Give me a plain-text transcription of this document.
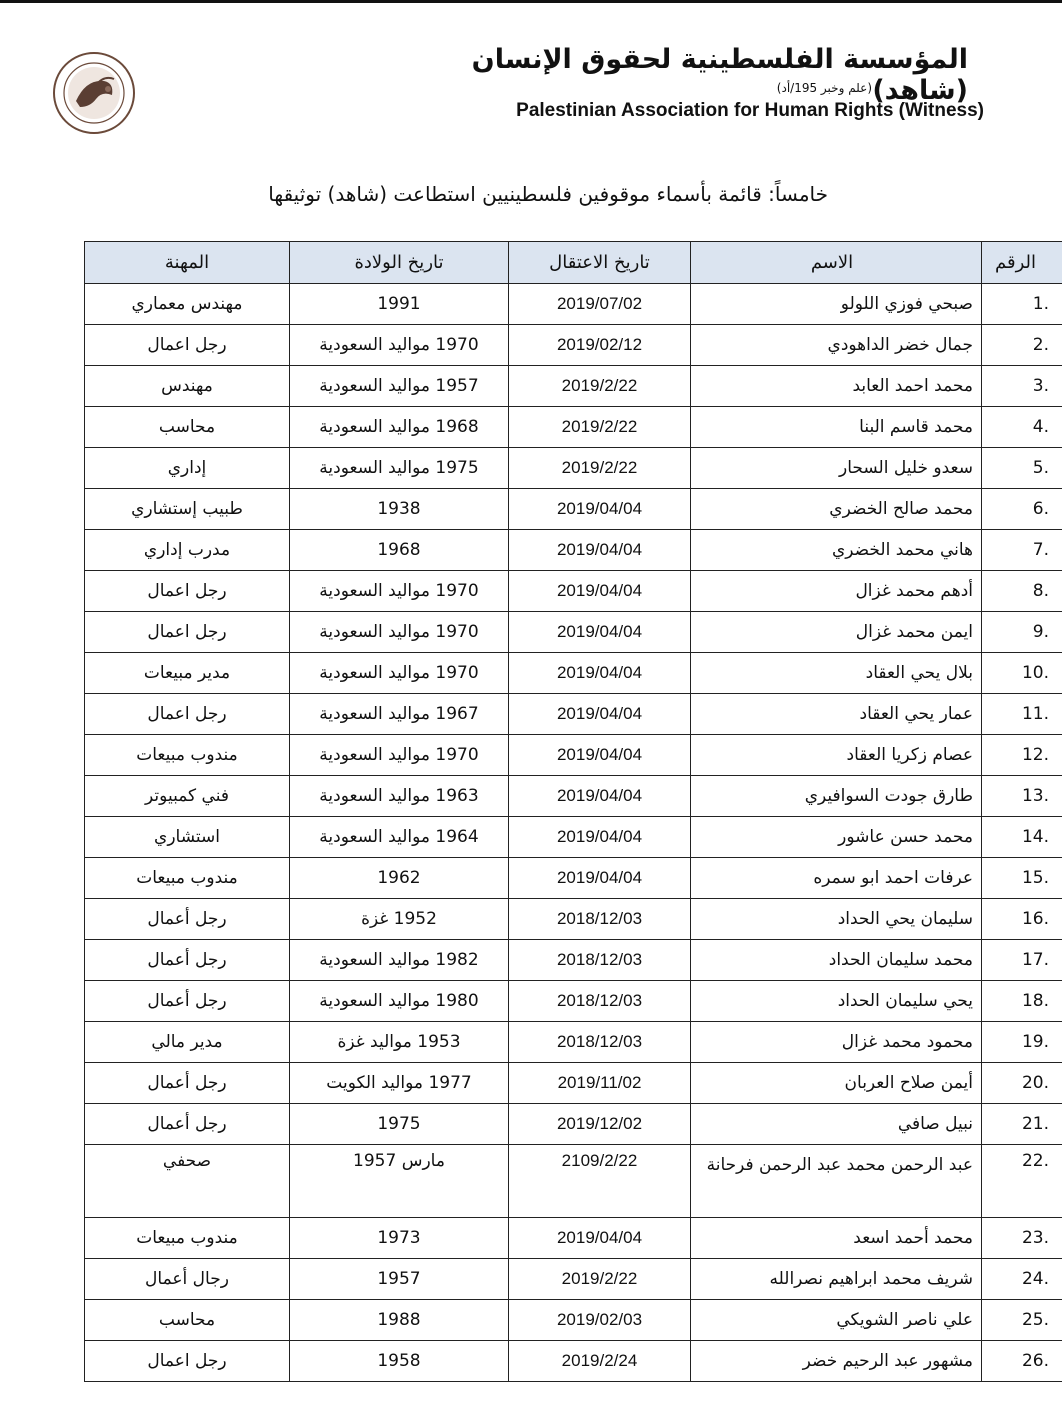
المؤسسة الفلسطينية لحقوق الإنسان (شاهد)
(علم وخبر 195/أد)
Palestinian Association for Human Rights (Witness)
خامساً: قائمة بأسماء موقوفين فلسطينيين استطاعت (شاهد) توثيقها
الرقم	الاسم	تاريخ الاعتقال	تاريخ الولادة	المهنة
.1	صبحي فوزي اللولو	2019/07/02	1991	مهندس معماري
.2	جمال خضر الداهودي	2019/02/12	1970 مواليد السعودية	رجل اعمال
.3	محمد احمد العابد	2019/2/22	1957 مواليد السعودية	مهندس
.4	محمد قاسم البنا	2019/2/22	1968 مواليد السعودية	محاسب
.5	سعدو خليل السحار	2019/2/22	1975 مواليد السعودية	إداري
.6	محمد صالح الخضري	2019/04/04	1938	طبيب إستشاري
.7	هاني محمد الخضري	2019/04/04	1968	مدرب إداري
.8	أدهم محمد غزال	2019/04/04	1970 مواليد السعودية	رجل اعمال
.9	ايمن محمد غزال	2019/04/04	1970 مواليد السعودية	رجل اعمال
.10	بلال يحي العقاد	2019/04/04	1970 مواليد السعودية	مدير مبيعات
.11	عمار يحي العقاد	2019/04/04	1967 مواليد السعودية	رجل اعمال
.12	عصام زكريا العقاد	2019/04/04	1970 مواليد السعودية	مندوب مبيعات
.13	طارق جودت السوافيري	2019/04/04	1963 مواليد السعودية	فني كمبيوتر
.14	محمد حسن عاشور	2019/04/04	1964 مواليد السعودية	استشاري
.15	عرفات احمد ابو سمره	2019/04/04	1962	مندوب مبيعات
.16	سليمان يحي الحداد	2018/12/03	1952 غزة	رجل أعمال
.17	محمد سليمان الحداد	2018/12/03	1982 مواليد السعودية	رجل أعمال
.18	يحي سليمان الحداد	2018/12/03	1980 مواليد السعودية	رجل أعمال
.19	محمود محمد غزال	2018/12/03	1953 مواليد غزة	مدير مالي
.20	أيمن صلاح العربان	2019/11/02	1977 مواليد الكويت	رجل أعمال
.21	نبيل صافي	2019/12/02	1975	رجل أعمال
.22	عبد الرحمن محمد عبد الرحمن فرحانة	2109/2/22	مارس 1957	صحفي
.23	محمد أحمد اسعد	2019/04/04	1973	مندوب مبيعات
.24	شريف محمد ابراهيم نصرالله	2019/2/22	1957	رجال أعمال
.25	علي ناصر الشويكي	2019/02/03	1988	محاسب
.26	مشهور عبد الرحيم خضر	2019/2/24	1958	رجل اعمال
